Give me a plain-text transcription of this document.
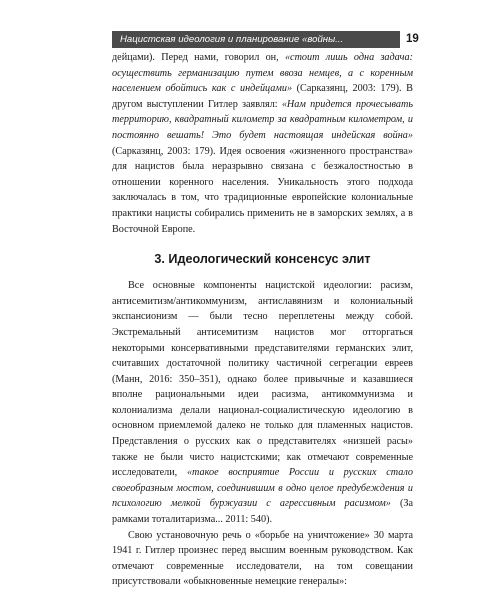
Нацистская идеология и планирование «войны...	19

дейцами). Перед нами, говорил он, «стоит лишь одна задача: осуществить германизацию путем ввоза немцев, а с коренным населением обойтись как с индейцами» (Сарказянц, 2003: 179). В другом выступлении Гитлер заявлял: «Нам придется прочесывать территорию, квадратный километр за квадратным километром, и постоянно вешать! Это будет настоящая индейская война» (Сарказянц, 2003: 179). Идея освоения «жизненного пространства» для нацистов была неразрывно связана с безжалостностью в отношении коренного населения. Уникальность этого подхода заключалась в том, что традиционные европейские колониальные практики нацисты собирались применить не в заморских землях, а в Восточной Европе.

3. Идеологический консенсус элит

Все основные компоненты нацистской идеологии: расизм, антисемитизм/антикоммунизм, антиславянизм и колониальный экспансионизм — были тесно переплетены между собой. Экстремальный антисемитизм нацистов мог отторгаться некоторыми консервативными представителями германских элит, считавших достаточной политику частичной сегрегации евреев (Манн, 2016: 350–351), однако более привычные и казавшиеся вполне рациональными идеи расизма, антикоммунизма и колониализма делали национал-социалистическую идеологию в основном приемлемой далеко не только для пламенных нацистов. Представления о русских как о представителях «низшей расы» также не были чисто нацистскими; как отмечают современные исследователи, «такое восприятие России и русских стало своеобразным мостом, соединившим в одно целое предубеждения и психологию мелкой буржуазии с агрессивным расизмом» (За рамками тоталитаризма... 2011: 540).

Свою установочную речь о «борьбе на уничтожение» 30 марта 1941 г. Гитлер произнес перед высшим военным руководством. Как отмечают современные исследователи, на том совещании присутствовали «обыкновенные немецкие генералы»:
